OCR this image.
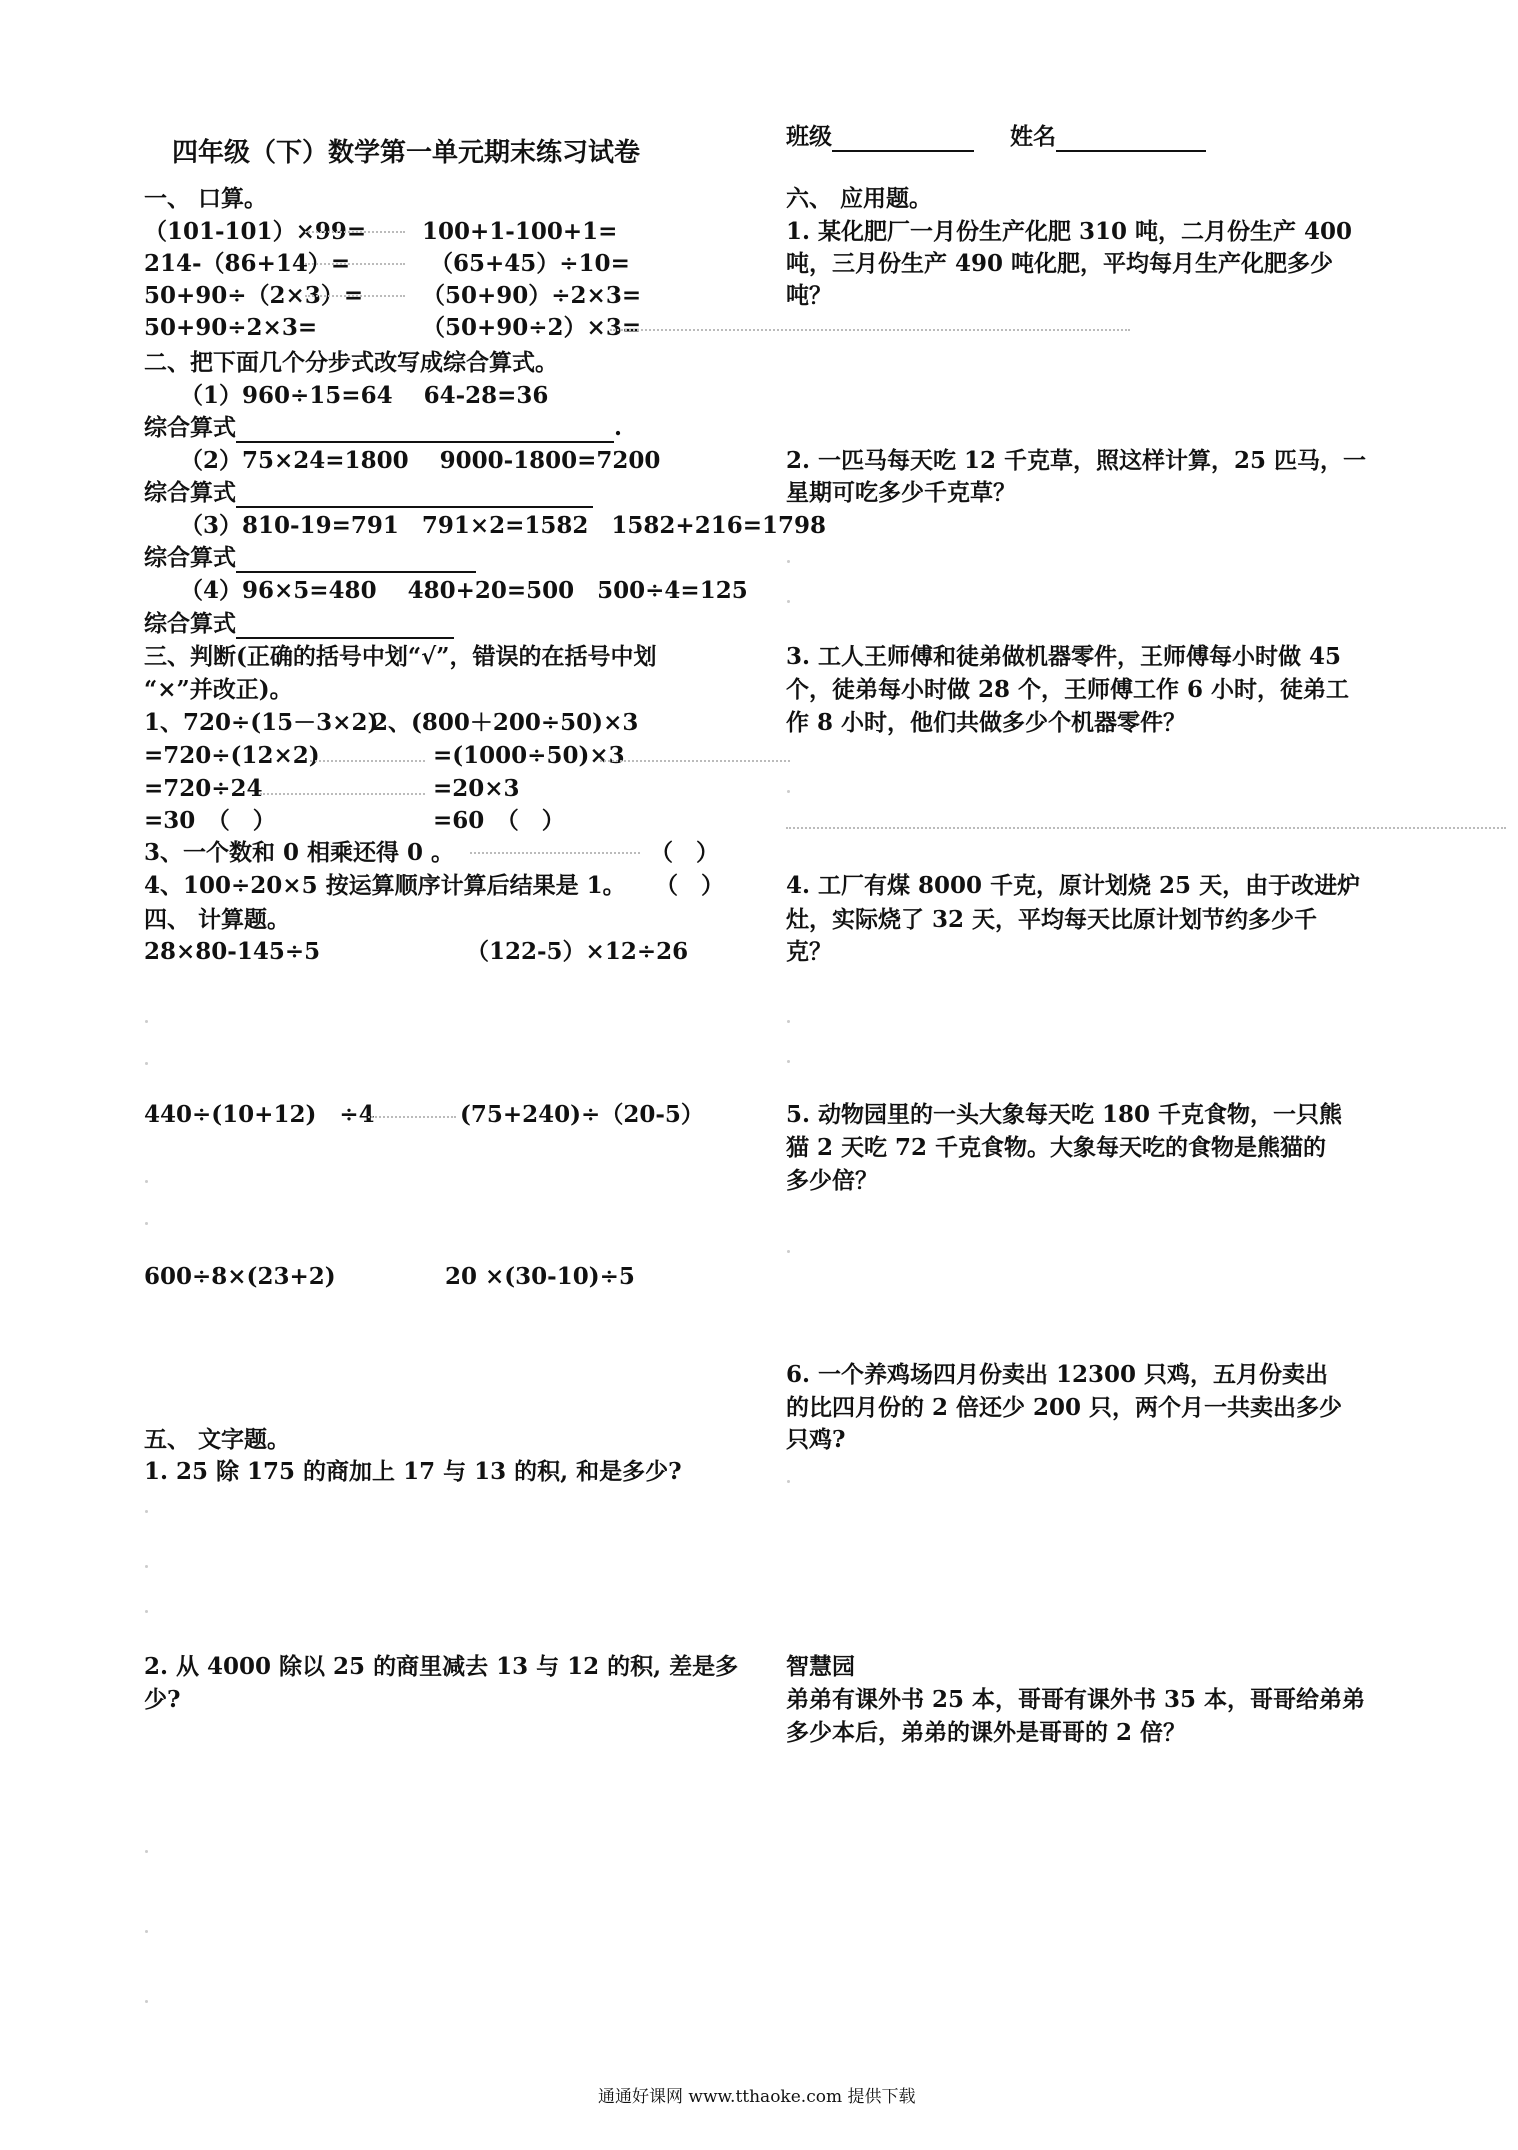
四年级（下）数学第一单元期末练习试卷
班级	姓名
一、 口算。
（101-101）×99= 100+1-100+1=
214-（86+14）=	（65+45）÷10=
50+90÷（2×3）=	（50+90）÷2×3=
50+90÷2×3=	（50+90÷2）×3=
二、把下面几个分步式改写成综合算式。
（1）960÷15=64　 64-28=36
综合算式	.
（2）75×24=1800　 9000-1800=7200
综合算式
（3）810-19=791　791×2=1582　1582+216=1798
综合算式
（4）96×5=480　 480+20=500　500÷4=125
综合算式
三、判断(正确的括号中划“√”，错误的在括号中划
“×”并改正)。
1、720÷(15－3×2)
=720÷(12×2)
=720÷24
=30　（　）
2、(800＋200÷50)×3
=(1000÷50)×3
=20×3
=60　（　）
3、一个数和 0 相乘还得 0 。	（　）
4、100÷20×5 按运算顺序计算后结果是 1。 （　）
四、 计算题。
28×80-145÷5	（122-5）×12÷26
440÷(10+12)　÷4	(75+240)÷（20-5）
600÷8×(23+2)	20 ×(30-10)÷5
五、 文字题。
1. 25 除 175 的商加上 17 与 13 的积, 和是多少?
2. 从 4000 除以 25 的商里减去 13 与 12 的积, 差是多
少?
六、 应用题。
1. 某化肥厂一月份生产化肥 310 吨，二月份生产 400
吨，三月份生产 490 吨化肥，平均每月生产化肥多少
吨？
2. 一匹马每天吃 12 千克草，照这样计算，25 匹马，一
星期可吃多少千克草？
3. 工人王师傅和徒弟做机器零件，王师傅每小时做 45
个，徒弟每小时做 28 个，王师傅工作 6 小时，徒弟工
作 8 小时，他们共做多少个机器零件？
4. 工厂有煤 8000 千克，原计划烧 25 天，由于改进炉
灶，实际烧了 32 天，平均每天比原计划节约多少千
克？
5. 动物园里的一头大象每天吃 180 千克食物，一只熊
猫 2 天吃 72 千克食物。大象每天吃的食物是熊猫的
多少倍？
6. 一个养鸡场四月份卖出 12300 只鸡，五月份卖出
的比四月份的 2 倍还少 200 只，两个月一共卖出多少
只鸡?
智慧园
弟弟有课外书 25 本，哥哥有课外书 35 本，哥哥给弟弟
多少本后，弟弟的课外是哥哥的 2 倍？
通通好课网 www.tthaoke.com 提供下载
